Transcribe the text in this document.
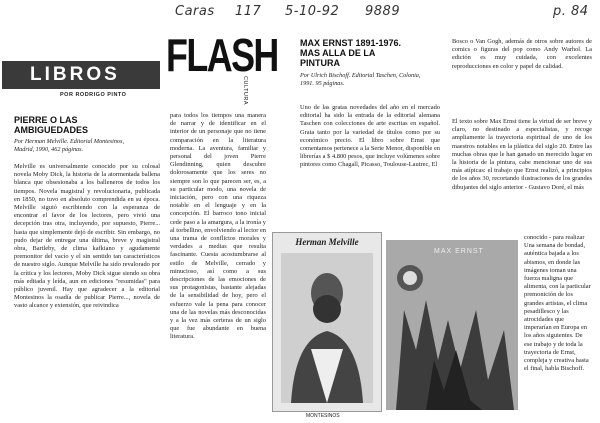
Caras 117 5-10-92 9889	p. 84
LIBROS
POR RODRIGO PINTO
FLASH
CULTURA
PIERRE O LAS
AMBIGUEDADES
Por Herman Melville. Editorial Montesinos,
Madrid, 1990, 462 páginas.

Melville es universalmente conocido por su colosal novela Moby Dick, la historia de la atormentada ballena blanca que obsesionaba a los balleneros de todos los tiempos. Novela magistral y revolucionaria, publicada en 1850, no tuvo en absoluto comprendida en su época. Melville siguió escribiendo con la esperanza de encontrar el favor de los lectores, pero vivió una decepción tras otra, incluyendo, por supuesto, Pierre... hasta que simplemente dejó de escribir. Sin embargo, no pudo dejar de entregar una última, breve y magistral obra, Bartleby, de clima kafkiano y agudamente premonitor del vacío y el sin sentido tan característicos de nuestro siglo. Aunque Melville ha sido revalorado por la crítica y los lectores, Moby Dick sigue siendo su obra más editada y leída, aun en ediciones "resumidas" para público juvenil. Hay que agradecer a la editorial Montesinos la osadía de publicar Pierre..., novela de vasto alcance y extensión, que reivindica

para todos los tiempos una manera de narrar y de identificar en el interior de un personaje que no tiene comparación en la literatura moderna. La aventura, familiar y personal del joven Pierre Glendinning, quien descubre dolorosamente que los seres no siempre son lo que parecen ser, es, a su particular modo, una novela de iniciación, pero con una riqueza notable en el lenguaje y en la concepción. El barroco tono inicial cede paso a la amargura, a la ironía y al torbellino, envolviendo al lector en una trama de conflictos morales y verdades a medias que resulta fascinante. Cuesta acostumbrarse al estilo de Melville, cerrado y minucioso, así como a sus descripciones de las emociones de sus protagonistas, bastante alejadas de la sensibilidad de hoy, pero el esfuerzo vale la pena para conocer una de las novelas más desconocidas y a la vez más certeras de un siglo que fue abundante en buena literatura.

MAX ERNST 1891-1976.
MAS ALLA DE LA
PINTURA
Por Ulrich Bischoff. Editorial Taschen, Colonia,
1991. 95 páginas.

Uno de las gratas novedades del año en el mercado editorial ha sido la entrada de la editorial alemana Taschen con colecciones de arte escritas en español. Grata tanto por la variedad de títulos como por su económico precio. El libro sobre Ernst que comentamos pertenece a la Serie Menor, disponible en librerías a $ 4.800 pesos, que incluye volúmenes sobre pintores como Chagall, Picasso, Toulouse-Lautrec, El

Bosco o Van Gogh, además de otros sobre autores de comics o figuras del pop como Andy Warhol. La edición es muy cuidada, con excelentes reproducciones en color y papel de calidad.

El texto sobre Max Ernst tiene la virtud de ser breve y claro, no destinado a especialistas, y recoge ampliamente la trayectoria espiritual de uno de los maestros notables en la plástica del siglo 20. Entre las muchas obras que le han ganado un merecido lugar en la historia de la pintura, cabe mencionar uno de sus más atípicas: el trabajo que Ernst realizó, a principios de los años 30, recortando ilustraciones de los grandes dibujantes del siglo anterior - Gustavo Doré, el más

conocido - para realizar Una semana de bondad, auténtica bajada a los abismos, en donde las imágenes toman una fuerza maligna que alimenta, con la particular premonición de los grandes artistas, el clima pesadillesco y las atrocidades que imperarían en Europa en los años siguientes. De ese trabajo y de toda la trayectoria de Ernst, compleja y creativa hasta el final, habla Bischoff.

Herman Melville
MONTESINOS
MAX ERNST
